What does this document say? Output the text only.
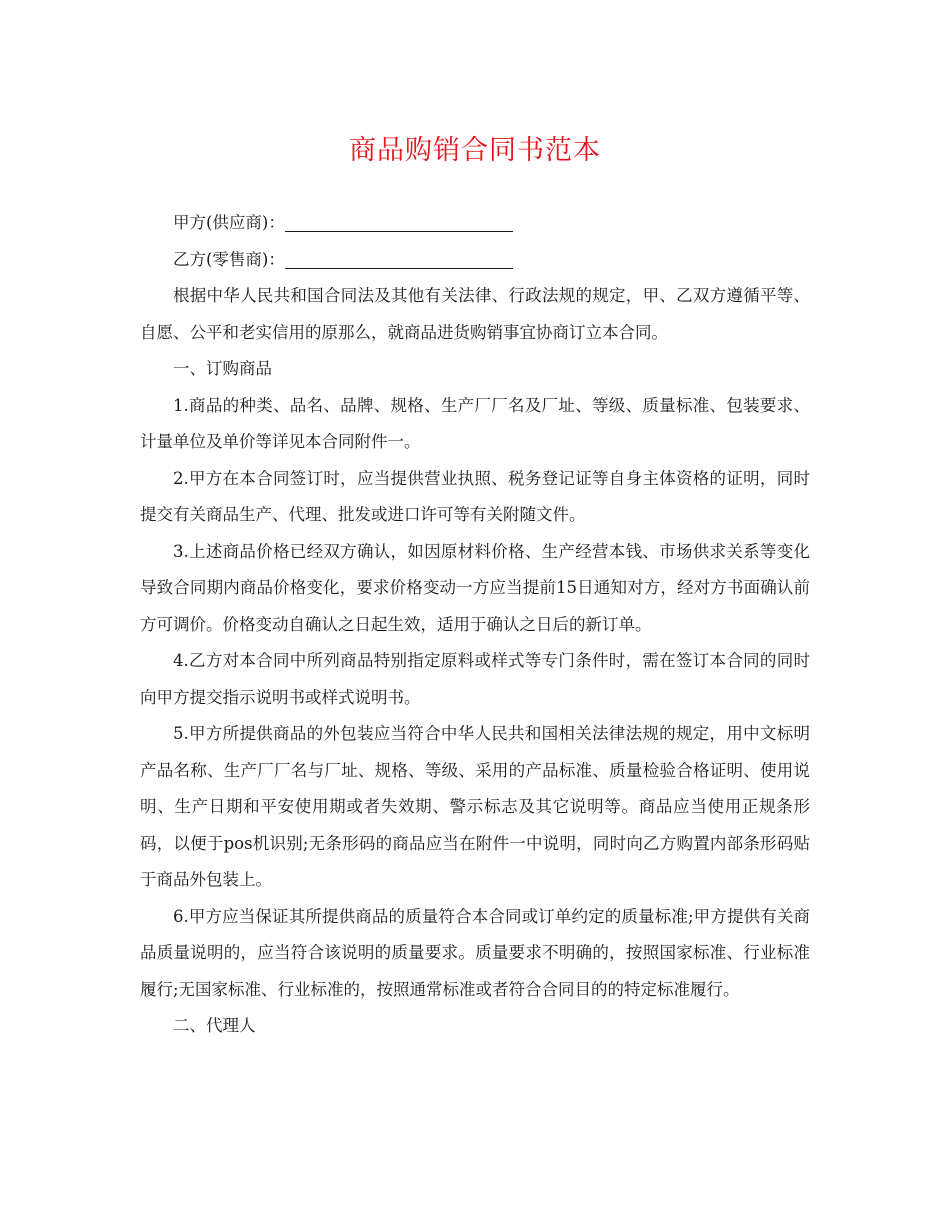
商品购销合同书范本

甲方(供应商)：

乙方(零售商)：

根据中华人民共和国合同法及其他有关法律、行政法规的规定，甲、乙双方遵循平等、自愿、公平和老实信用的原那么，就商品进货购销事宜协商订立本合同。

一、订购商品

1.商品的种类、品名、品牌、规格、生产厂厂名及厂址、等级、质量标准、包装要求、计量单位及单价等详见本合同附件一。

2.甲方在本合同签订时，应当提供营业执照、税务登记证等自身主体资格的证明，同时提交有关商品生产、代理、批发或进口许可等有关附随文件。

3.上述商品价格已经双方确认，如因原材料价格、生产经营本钱、市场供求关系等变化导致合同期内商品价格变化，要求价格变动一方应当提前15日通知对方，经对方书面确认前方可调价。价格变动自确认之日起生效，适用于确认之日后的新订单。

4.乙方对本合同中所列商品特别指定原料或样式等专门条件时，需在签订本合同的同时向甲方提交指示说明书或样式说明书。

5.甲方所提供商品的外包装应当符合中华人民共和国相关法律法规的规定，用中文标明产品名称、生产厂厂名与厂址、规格、等级、采用的产品标准、质量检验合格证明、使用说明、生产日期和平安使用期或者失效期、警示标志及其它说明等。商品应当使用正规条形码，以便于pos机识别;无条形码的商品应当在附件一中说明，同时向乙方购置内部条形码贴于商品外包装上。

6.甲方应当保证其所提供商品的质量符合本合同或订单约定的质量标准;甲方提供有关商品质量说明的，应当符合该说明的质量要求。质量要求不明确的，按照国家标准、行业标准履行;无国家标准、行业标准的，按照通常标准或者符合合同目的的特定标准履行。

二、代理人
